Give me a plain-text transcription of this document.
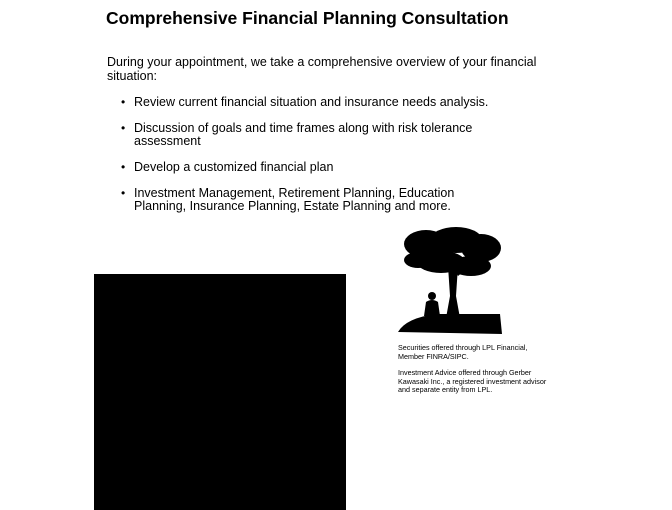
Comprehensive Financial Planning Consultation
During your appointment, we take a comprehensive overview of your financial situation:
• Review current financial situation and insurance needs analysis.
• Discussion of goals and time frames along with risk tolerance assessment
• Develop a customized financial plan
• Investment Management, Retirement Planning, Education Planning, Insurance Planning, Estate Planning and more.
Securities offered through LPL Financial, Member FINRA/SIPC.
Investment Advice offered through Gerber Kawasaki Inc., a registered investment advisor and separate entity from LPL.
